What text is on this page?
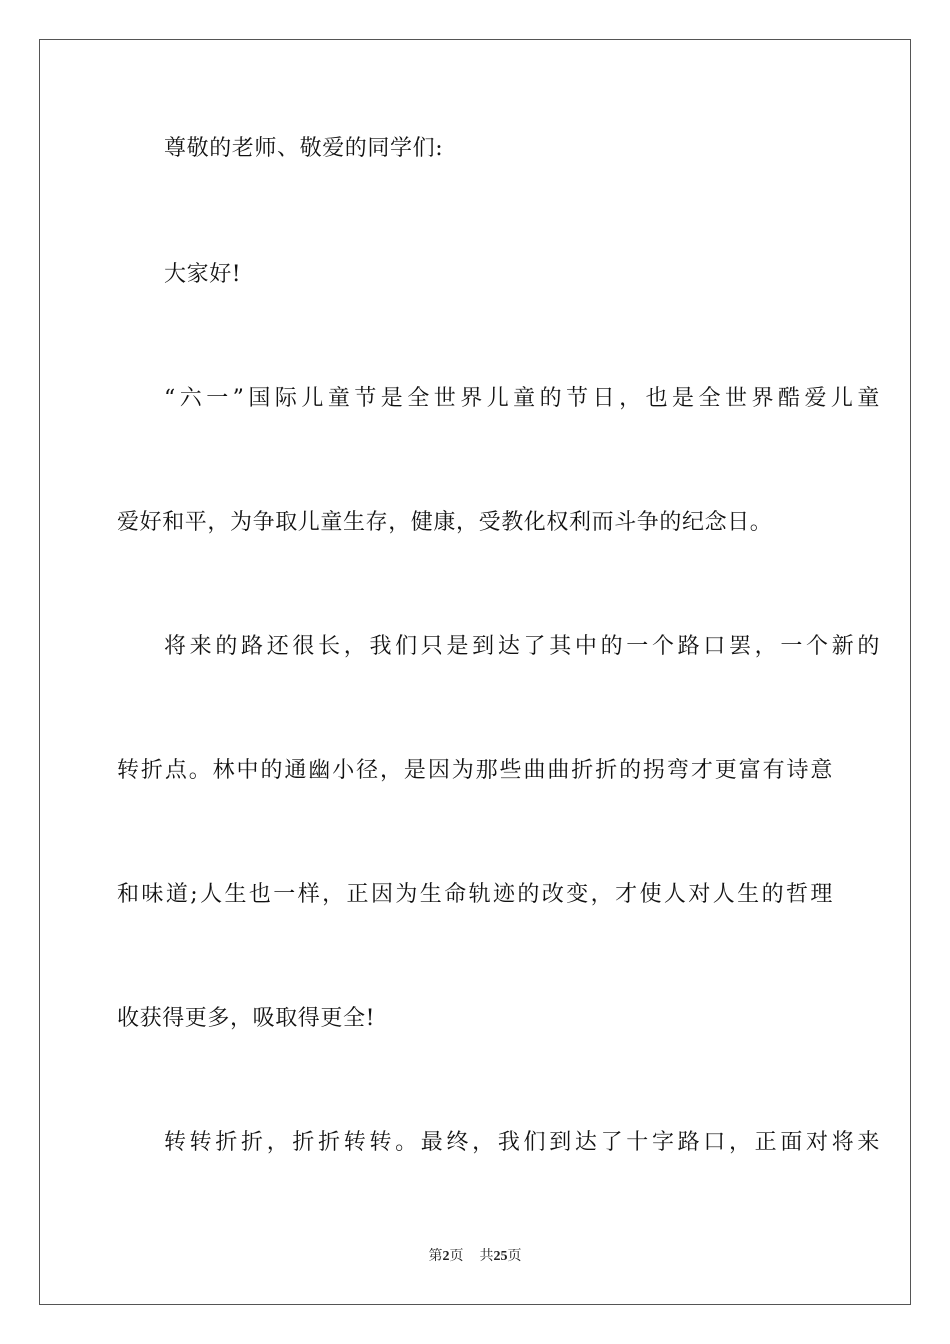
尊敬的老师、敬爱的同学们:
大家好!
“六一”国际儿童节是全世界儿童的节日，也是全世界酷爱儿童
爱好和平，为争取儿童生存，健康，受教化权利而斗争的纪念日。
将来的路还很长，我们只是到达了其中的一个路口罢，一个新的
转折点。林中的通幽小径，是因为那些曲曲折折的拐弯才更富有诗意
和味道;人生也一样，正因为生命轨迹的改变，才使人对人生的哲理
收获得更多，吸取得更全!
转转折折，折折转转。最终，我们到达了十字路口，正面对将来
第2页 共25页
